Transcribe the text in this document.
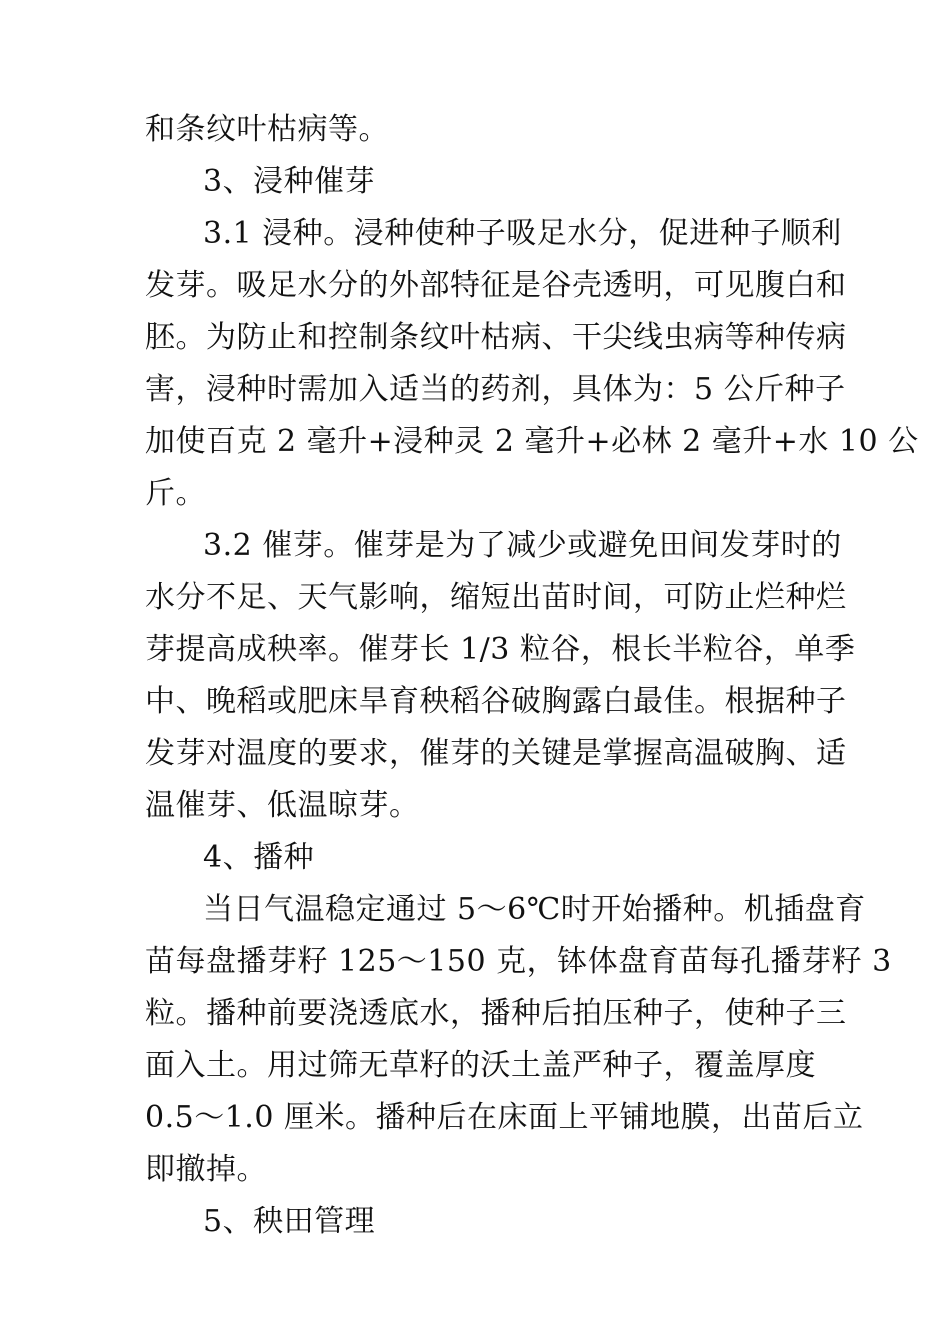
和条纹叶枯病等。
3、浸种催芽
3.1 浸种。浸种使种子吸足水分，促进种子顺利
发芽。吸足水分的外部特征是谷壳透明，可见腹白和
胚。为防止和控制条纹叶枯病、干尖线虫病等种传病
害，浸种时需加入适当的药剂，具体为：5 公斤种子
加使百克 2 毫升+浸种灵 2 毫升+必林 2 毫升+水 10 公
斤。
3.2 催芽。催芽是为了减少或避免田间发芽时的
水分不足、天气影响，缩短出苗时间，可防止烂种烂
芽提高成秧率。催芽长 1/3 粒谷，根长半粒谷，单季
中、晚稻或肥床旱育秧稻谷破胸露白最佳。根据种子
发芽对温度的要求，催芽的关键是掌握高温破胸、适
温催芽、低温晾芽。
4、播种
当日气温稳定通过 5～6℃时开始播种。机插盘育
苗每盘播芽籽 125～150 克，钵体盘育苗每孔播芽籽 3
粒。播种前要浇透底水，播种后拍压种子，使种子三
面入土。用过筛无草籽的沃土盖严种子，覆盖厚度
0.5～1.0 厘米。播种后在床面上平铺地膜，出苗后立
即撤掉。
5、秧田管理
